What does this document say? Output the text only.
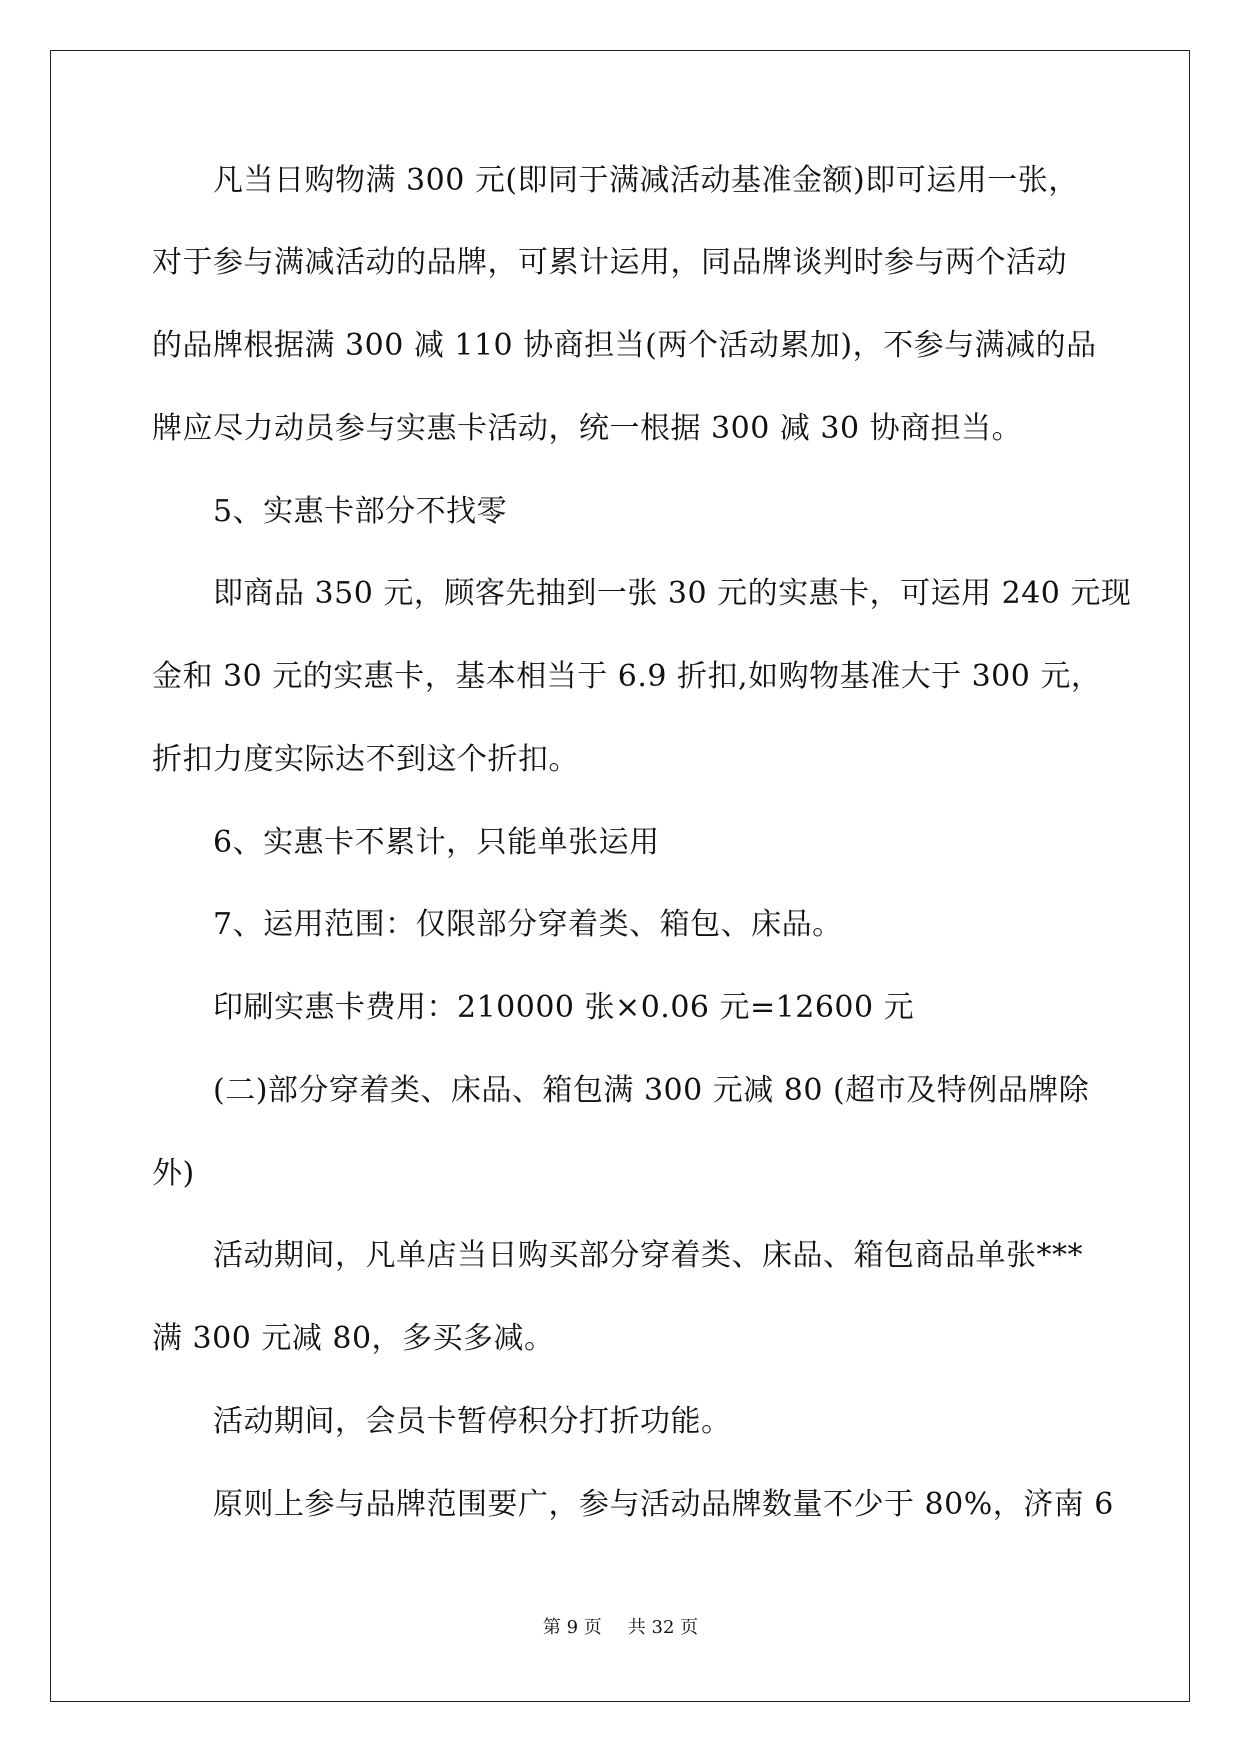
凡当日购物满 300 元(即同于满减活动基准金额)即可运用一张，
对于参与满减活动的品牌，可累计运用，同品牌谈判时参与两个活动
的品牌根据满 300 减 110 协商担当(两个活动累加)，不参与满减的品
牌应尽力动员参与实惠卡活动，统一根据 300 减 30 协商担当。
5、实惠卡部分不找零
即商品 350 元，顾客先抽到一张 30 元的实惠卡，可运用 240 元现
金和 30 元的实惠卡，基本相当于 6.9 折扣,如购物基准大于 300 元，
折扣力度实际达不到这个折扣。
6、实惠卡不累计，只能单张运用
7、运用范围：仅限部分穿着类、箱包、床品。
印刷实惠卡费用：210000 张×0.06 元=12600 元
(二)部分穿着类、床品、箱包满 300 元减 80 (超市及特例品牌除
外)
活动期间，凡单店当日购买部分穿着类、床品、箱包商品单张***
满 300 元减 80，多买多减。
活动期间，会员卡暂停积分打折功能。
原则上参与品牌范围要广，参与活动品牌数量不少于 80%，济南 6
第 9 页 共 32 页
